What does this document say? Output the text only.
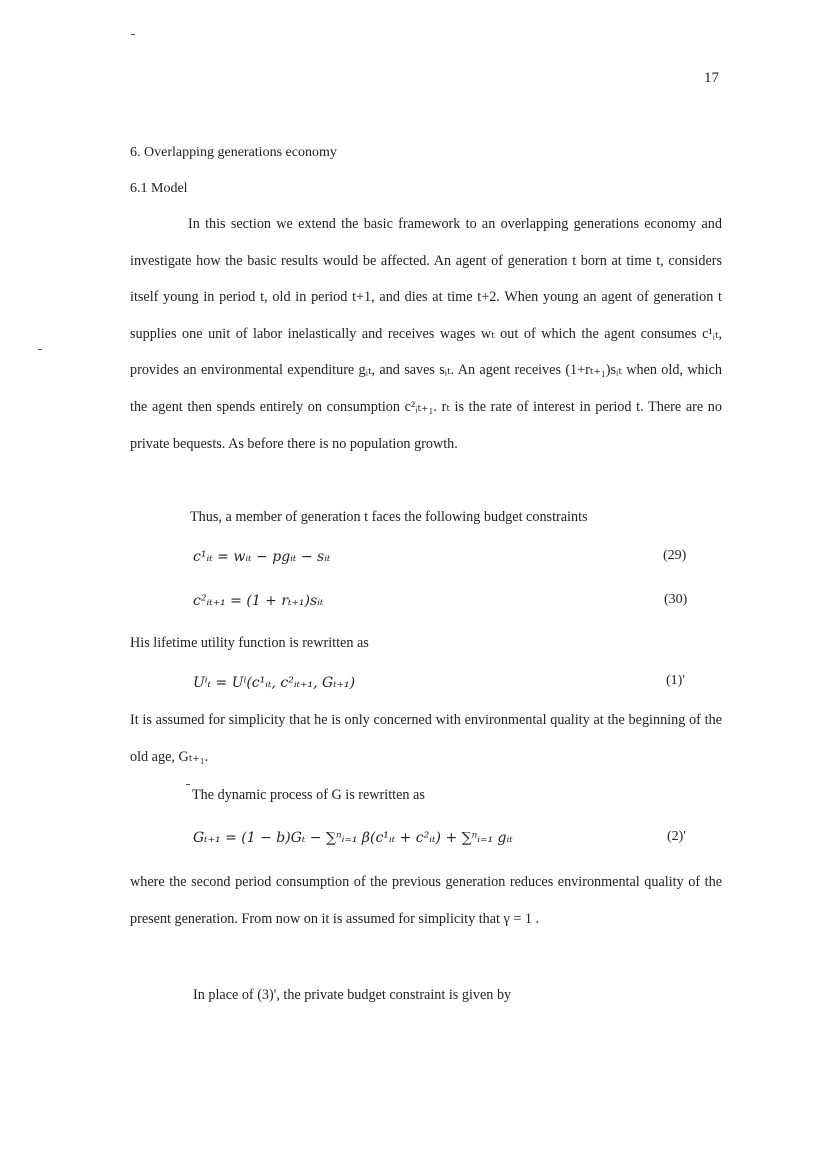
17
6. Overlapping generations economy
6.1 Model
In this section we extend the basic framework to an overlapping generations economy and investigate how the basic results would be affected. An agent of generation t born at time t, considers itself young in period t, old in period t+1, and dies at time t+2. When young an agent of generation t supplies one unit of labor inelastically and receives wages wₜ out of which the agent consumes c¹ᵢₜ, provides an environmental expenditure gᵢₜ, and saves sᵢₜ. An agent receives (1+rₜ₊₁)sᵢₜ when old, which the agent then spends entirely on consumption c²ᵢₜ₊₁. rₜ is the rate of interest in period t. There are no private bequests. As before there is no population growth.
Thus, a member of generation t faces the following budget constraints
c¹ᵢₜ = wᵢₜ − pgᵢₜ − sᵢₜ	(29)
c²ᵢₜ₊₁ = (1 + rₜ₊₁)sᵢₜ	(30)
His lifetime utility function is rewritten as
Uⁱₜ = Uⁱ(c¹ᵢₜ, c²ᵢₜ₊₁, Gₜ₊₁)	(1)'
It is assumed for simplicity that he is only concerned with environmental quality at the beginning of the old age, Gₜ₊₁.
The dynamic process of G is rewritten as
Gₜ₊₁ = (1 − b)Gₜ − ∑ⁿᵢ₌₁ β(c¹ᵢₜ + c²ᵢₜ) + ∑ⁿᵢ₌₁ gᵢₜ	(2)'
where the second period consumption of the previous generation reduces environmental quality of the present generation. From now on it is assumed for simplicity that γ = 1 .
In place of (3)', the private budget constraint is given by
